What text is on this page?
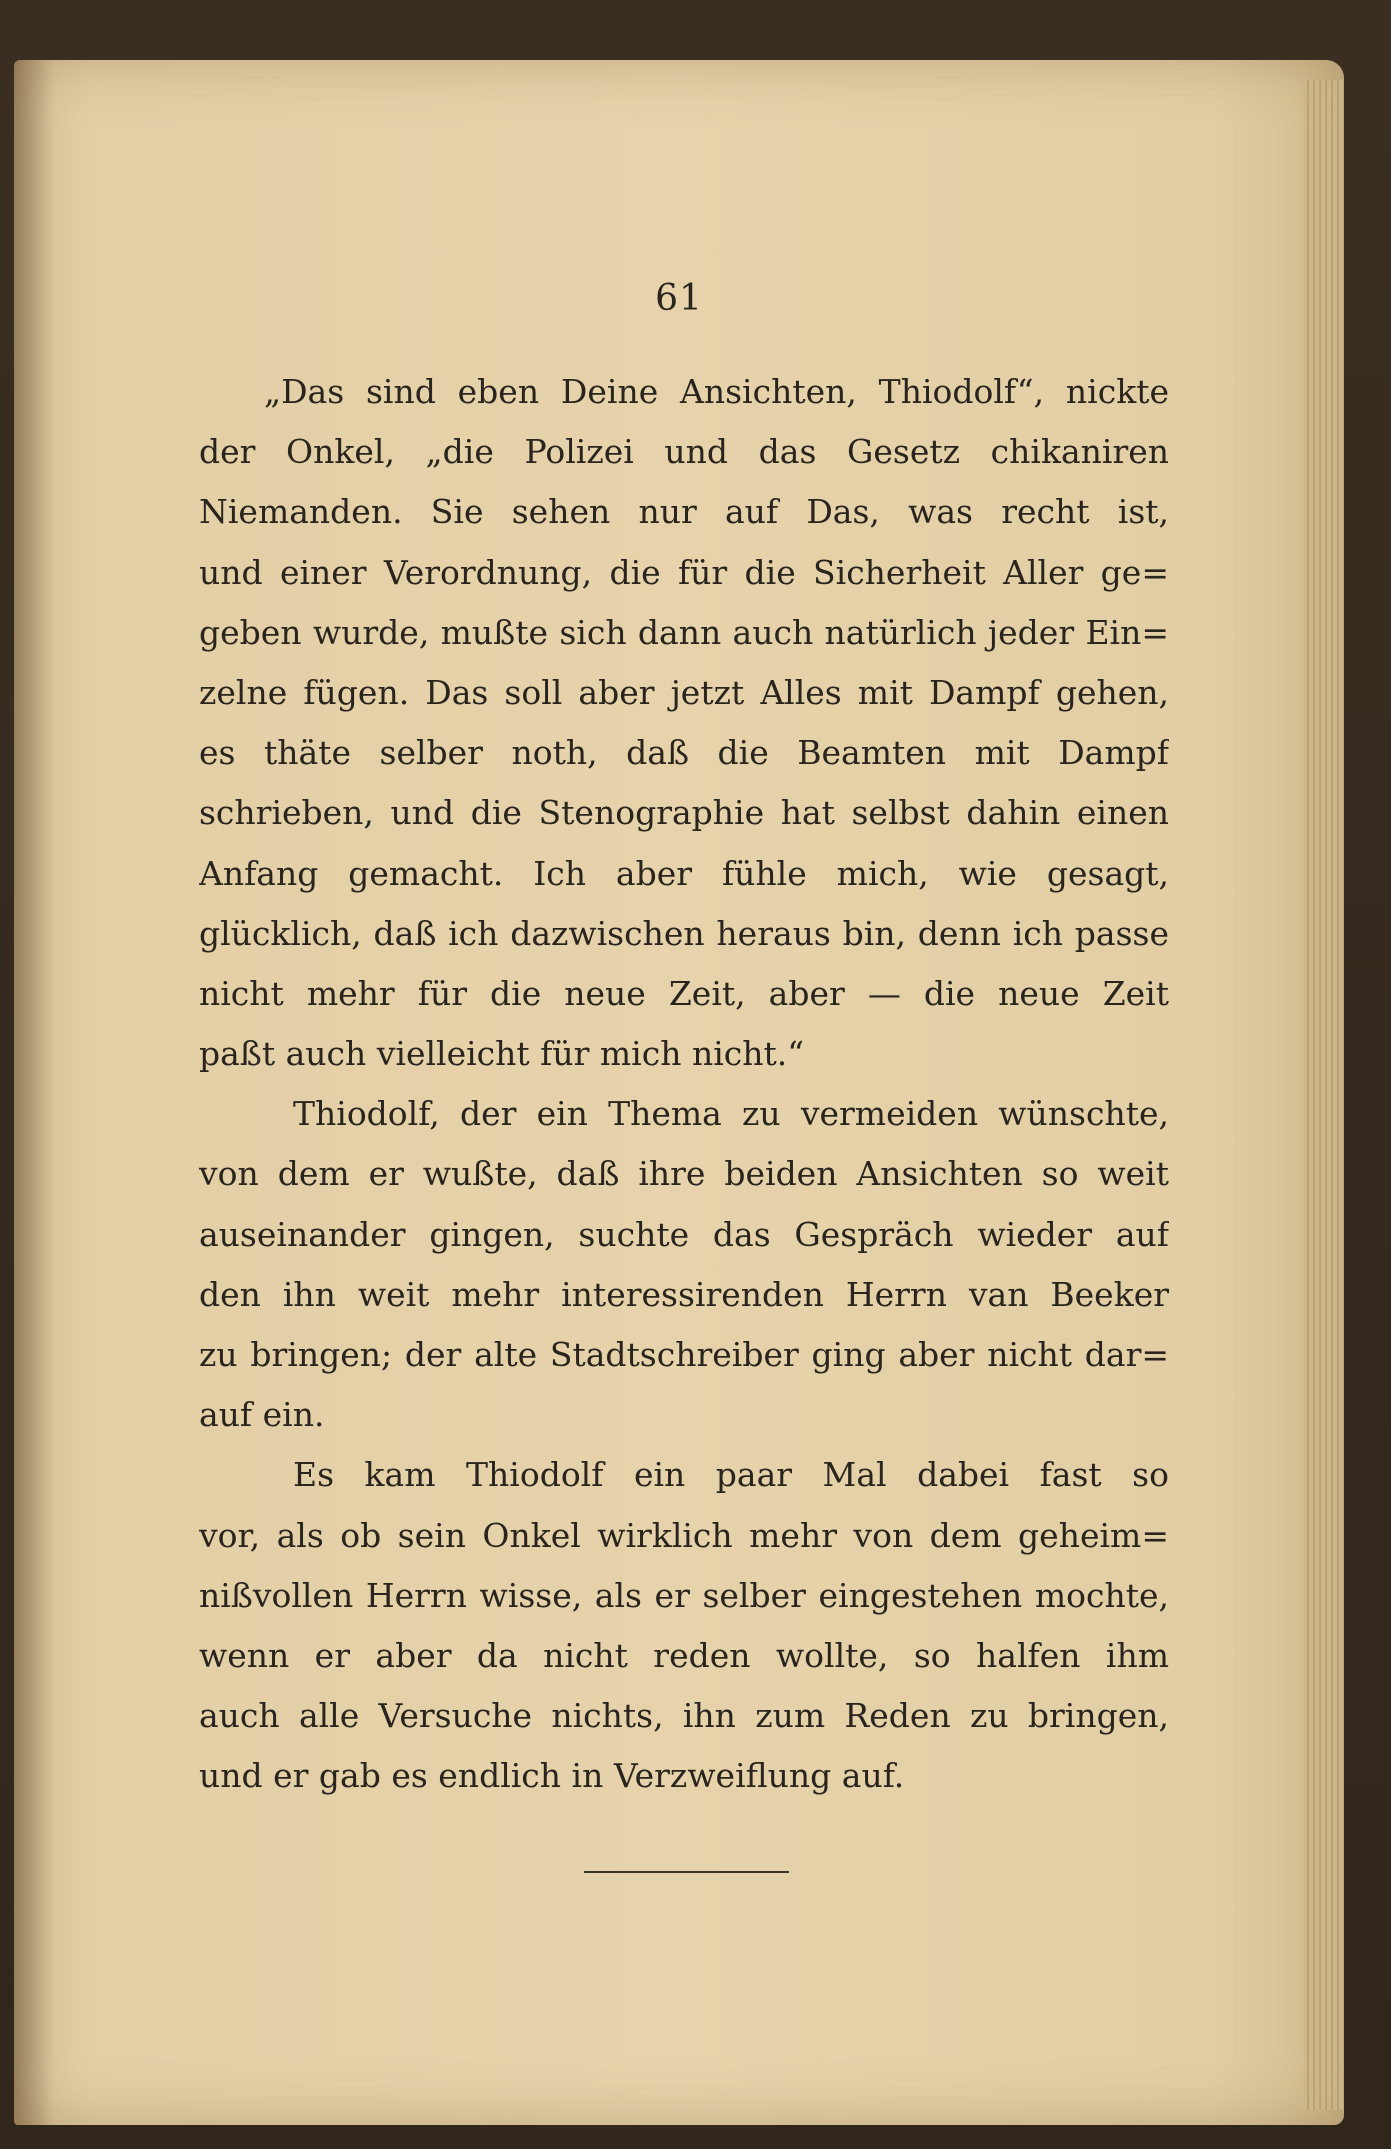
61
„Das sind eben Deine Ansichten, Thiodolf“, nickte
der Onkel, „die Polizei und das Gesetz chikaniren
Niemanden. Sie sehen nur auf Das, was recht ist,
und einer Verordnung, die für die Sicherheit Aller ge=
geben wurde, mußte sich dann auch natürlich jeder Ein=
zelne fügen. Das soll aber jetzt Alles mit Dampf gehen,
es thäte selber noth, daß die Beamten mit Dampf
schrieben, und die Stenographie hat selbst dahin einen
Anfang gemacht. Ich aber fühle mich, wie gesagt,
glücklich, daß ich dazwischen heraus bin, denn ich passe
nicht mehr für die neue Zeit, aber — die neue Zeit
paßt auch vielleicht für mich nicht.“
Thiodolf, der ein Thema zu vermeiden wünschte,
von dem er wußte, daß ihre beiden Ansichten so weit
auseinander gingen, suchte das Gespräch wieder auf
den ihn weit mehr interessirenden Herrn van Beeker
zu bringen; der alte Stadtschreiber ging aber nicht dar=
auf ein.
Es kam Thiodolf ein paar Mal dabei fast so
vor, als ob sein Onkel wirklich mehr von dem geheim=
nißvollen Herrn wisse, als er selber eingestehen mochte,
wenn er aber da nicht reden wollte, so halfen ihm
auch alle Versuche nichts, ihn zum Reden zu bringen,
und er gab es endlich in Verzweiflung auf.
